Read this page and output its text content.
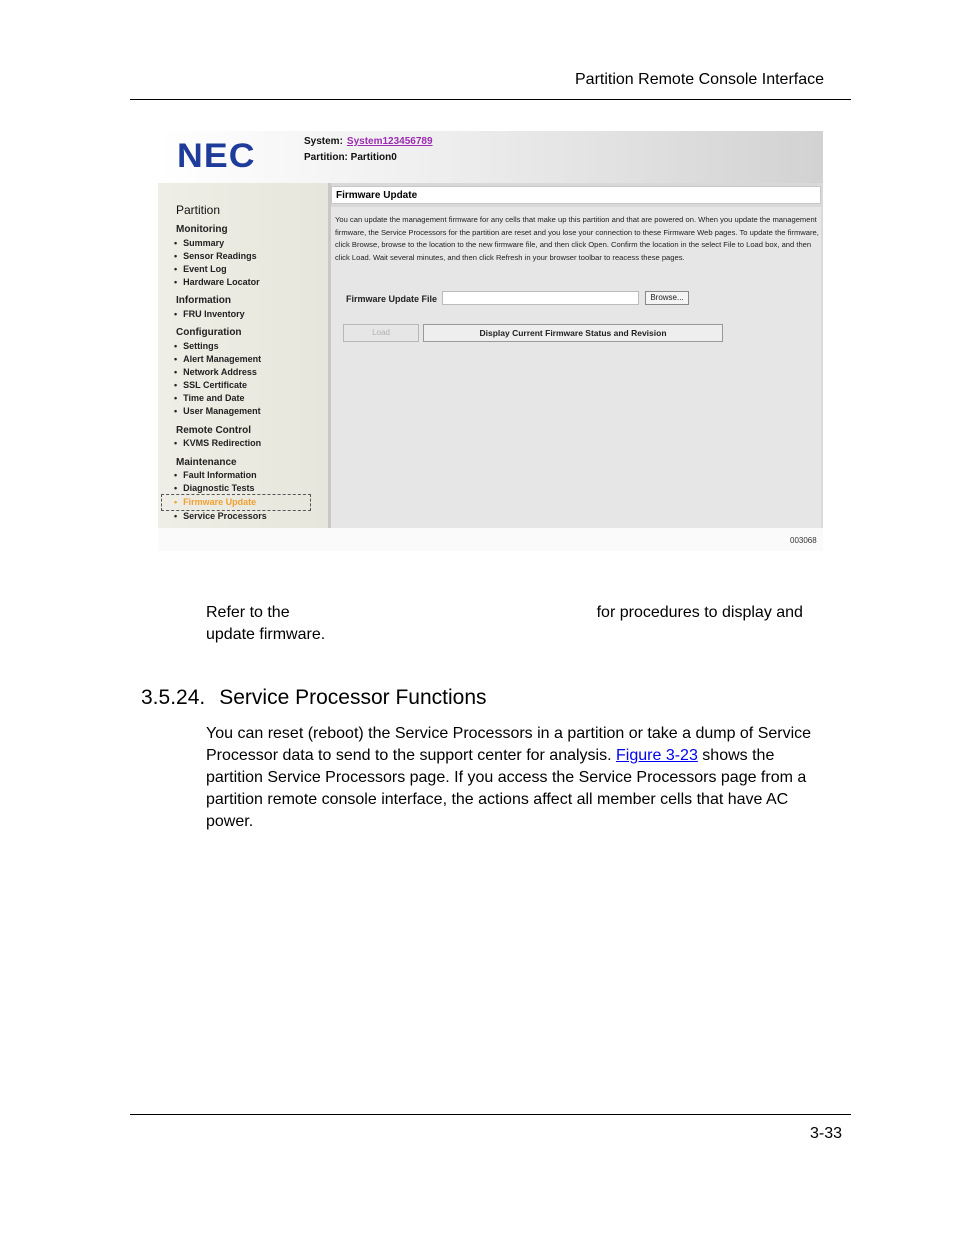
Partition Remote Console Interface
NEC	System: System123456789
Partition: Partition0
Partition
Monitoring
• Summary
• Sensor Readings
• Event Log
• Hardware Locator
Information
• FRU Inventory
Configuration
• Settings
• Alert Management
• Network Address
• SSL Certificate
• Time and Date
• User Management
Remote Control
• KVMS Redirection
Maintenance
• Fault Information
• Diagnostic Tests
• Firmware Update
• Service Processors
Firmware Update

You can update the management firmware for any cells that make up this partition and that are powered on. When you update the management firmware, the Service Processors for the partition are reset and you lose your connection to these Firmware Web pages. To update the firmware, click Browse, browse to the location to the new firmware file, and then click Open. Confirm the location in the select File to Load box, and then click Load. Wait several minutes, and then click Refresh in your browser toolbar to reacess these pages.

Firmware Update File	Browse...
Load	Display Current Firmware Status and Revision
003068

Refer to the	for procedures to display and update firmware.

3.5.24. Service Processor Functions

You can reset (reboot) the Service Processors in a partition or take a dump of Service Processor data to send to the support center for analysis. Figure 3-23 shows the partition Service Processors page. If you access the Service Processors page from a partition remote console interface, the actions affect all member cells that have AC power.

3-33
